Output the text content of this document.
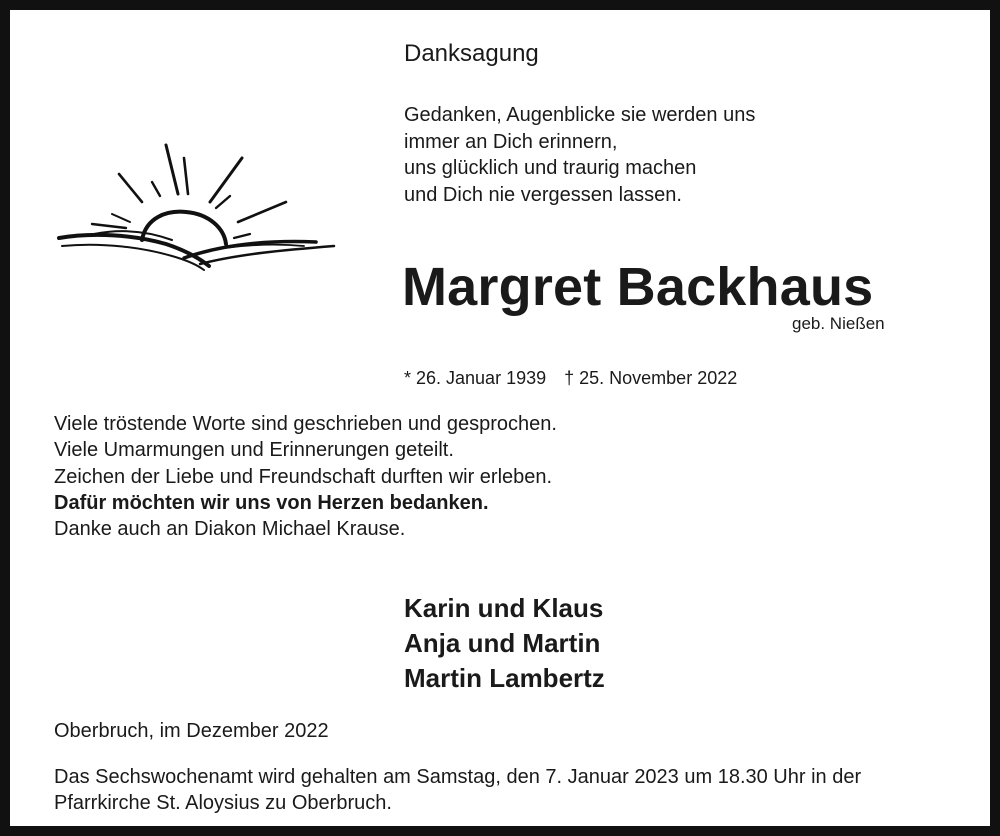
Danksagung
Gedanken, Augenblicke sie werden uns
immer an Dich erinnern,
uns glücklich und traurig machen
und Dich nie vergessen lassen.
Margret Backhaus
geb. Nießen
* 26. Januar 1939 † 25. November 2022
Viele tröstende Worte sind geschrieben und gesprochen.
Viele Umarmungen und Erinnerungen geteilt.
Zeichen der Liebe und Freundschaft durften wir erleben.
Dafür möchten wir uns von Herzen bedanken.
Danke auch an Diakon Michael Krause.
Karin und Klaus
Anja und Martin
Martin Lambertz
Oberbruch, im Dezember 2022
Das Sechswochenamt wird gehalten am Samstag, den 7. Januar 2023 um 18.30 Uhr in der
Pfarrkirche St. Aloysius zu Oberbruch.
